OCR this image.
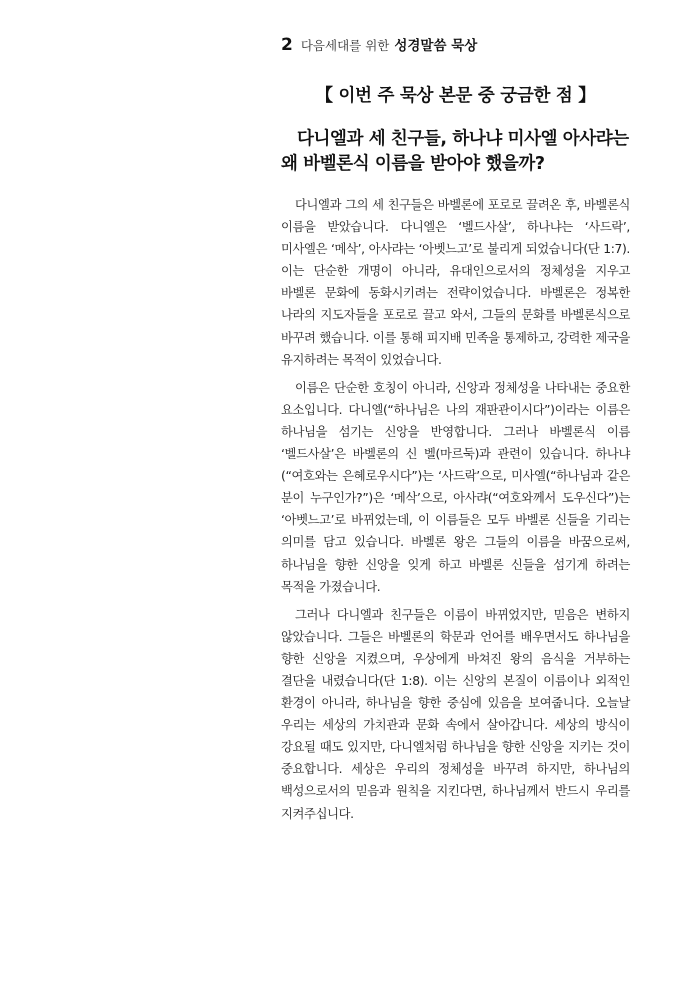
2 다음세대를 위한 성경말씀 묵상
【 이번 주 묵상 본문 중 궁금한 점 】
다니엘과 세 친구들, 하나냐 미사엘 아사랴는 왜 바벨론식 이름을 받아야 했을까?

다니엘과 그의 세 친구들은 바벨론에 포로로 끌려온 후, 바벨론식 이름을 받았습니다. 다니엘은 ‘벨드사살’, 하나냐는 ‘사드락’, 미사엘은 ‘메삭’, 아사랴는 ‘아벳느고’로 불리게 되었습니다(단 1:7). 이는 단순한 개명이 아니라, 유대인으로서의 정체성을 지우고 바벨론 문화에 동화시키려는 전략이었습니다. 바벨론은 정복한 나라의 지도자들을 포로로 끌고 와서, 그들의 문화를 바벨론식으로 바꾸려 했습니다. 이를 통해 피지배 민족을 통제하고, 강력한 제국을 유지하려는 목적이 있었습니다.

이름은 단순한 호칭이 아니라, 신앙과 정체성을 나타내는 중요한 요소입니다. 다니엘(“하나님은 나의 재판관이시다”)이라는 이름은 하나님을 섬기는 신앙을 반영합니다. 그러나 바벨론식 이름 ‘벨드사살’은 바벨론의 신 벨(마르둑)과 관련이 있습니다. 하나냐(“여호와는 은혜로우시다”)는 ‘사드락’으로, 미사엘(“하나님과 같은 분이 누구인가?”)은 ‘메삭’으로, 아사랴(“여호와께서 도우신다”)는 ‘아벳느고’로 바뀌었는데, 이 이름들은 모두 바벨론 신들을 기리는 의미를 담고 있습니다. 바벨론 왕은 그들의 이름을 바꿈으로써, 하나님을 향한 신앙을 잊게 하고 바벨론 신들을 섬기게 하려는 목적을 가졌습니다.

그러나 다니엘과 친구들은 이름이 바뀌었지만, 믿음은 변하지 않았습니다. 그들은 바벨론의 학문과 언어를 배우면서도 하나님을 향한 신앙을 지켰으며, 우상에게 바쳐진 왕의 음식을 거부하는 결단을 내렸습니다(단 1:8). 이는 신앙의 본질이 이름이나 외적인 환경이 아니라, 하나님을 향한 중심에 있음을 보여줍니다. 오늘날 우리는 세상의 가치관과 문화 속에서 살아갑니다. 세상의 방식이 강요될 때도 있지만, 다니엘처럼 하나님을 향한 신앙을 지키는 것이 중요합니다. 세상은 우리의 정체성을 바꾸려 하지만, 하나님의 백성으로서의 믿음과 원칙을 지킨다면, 하나님께서 반드시 우리를 지켜주십니다.
